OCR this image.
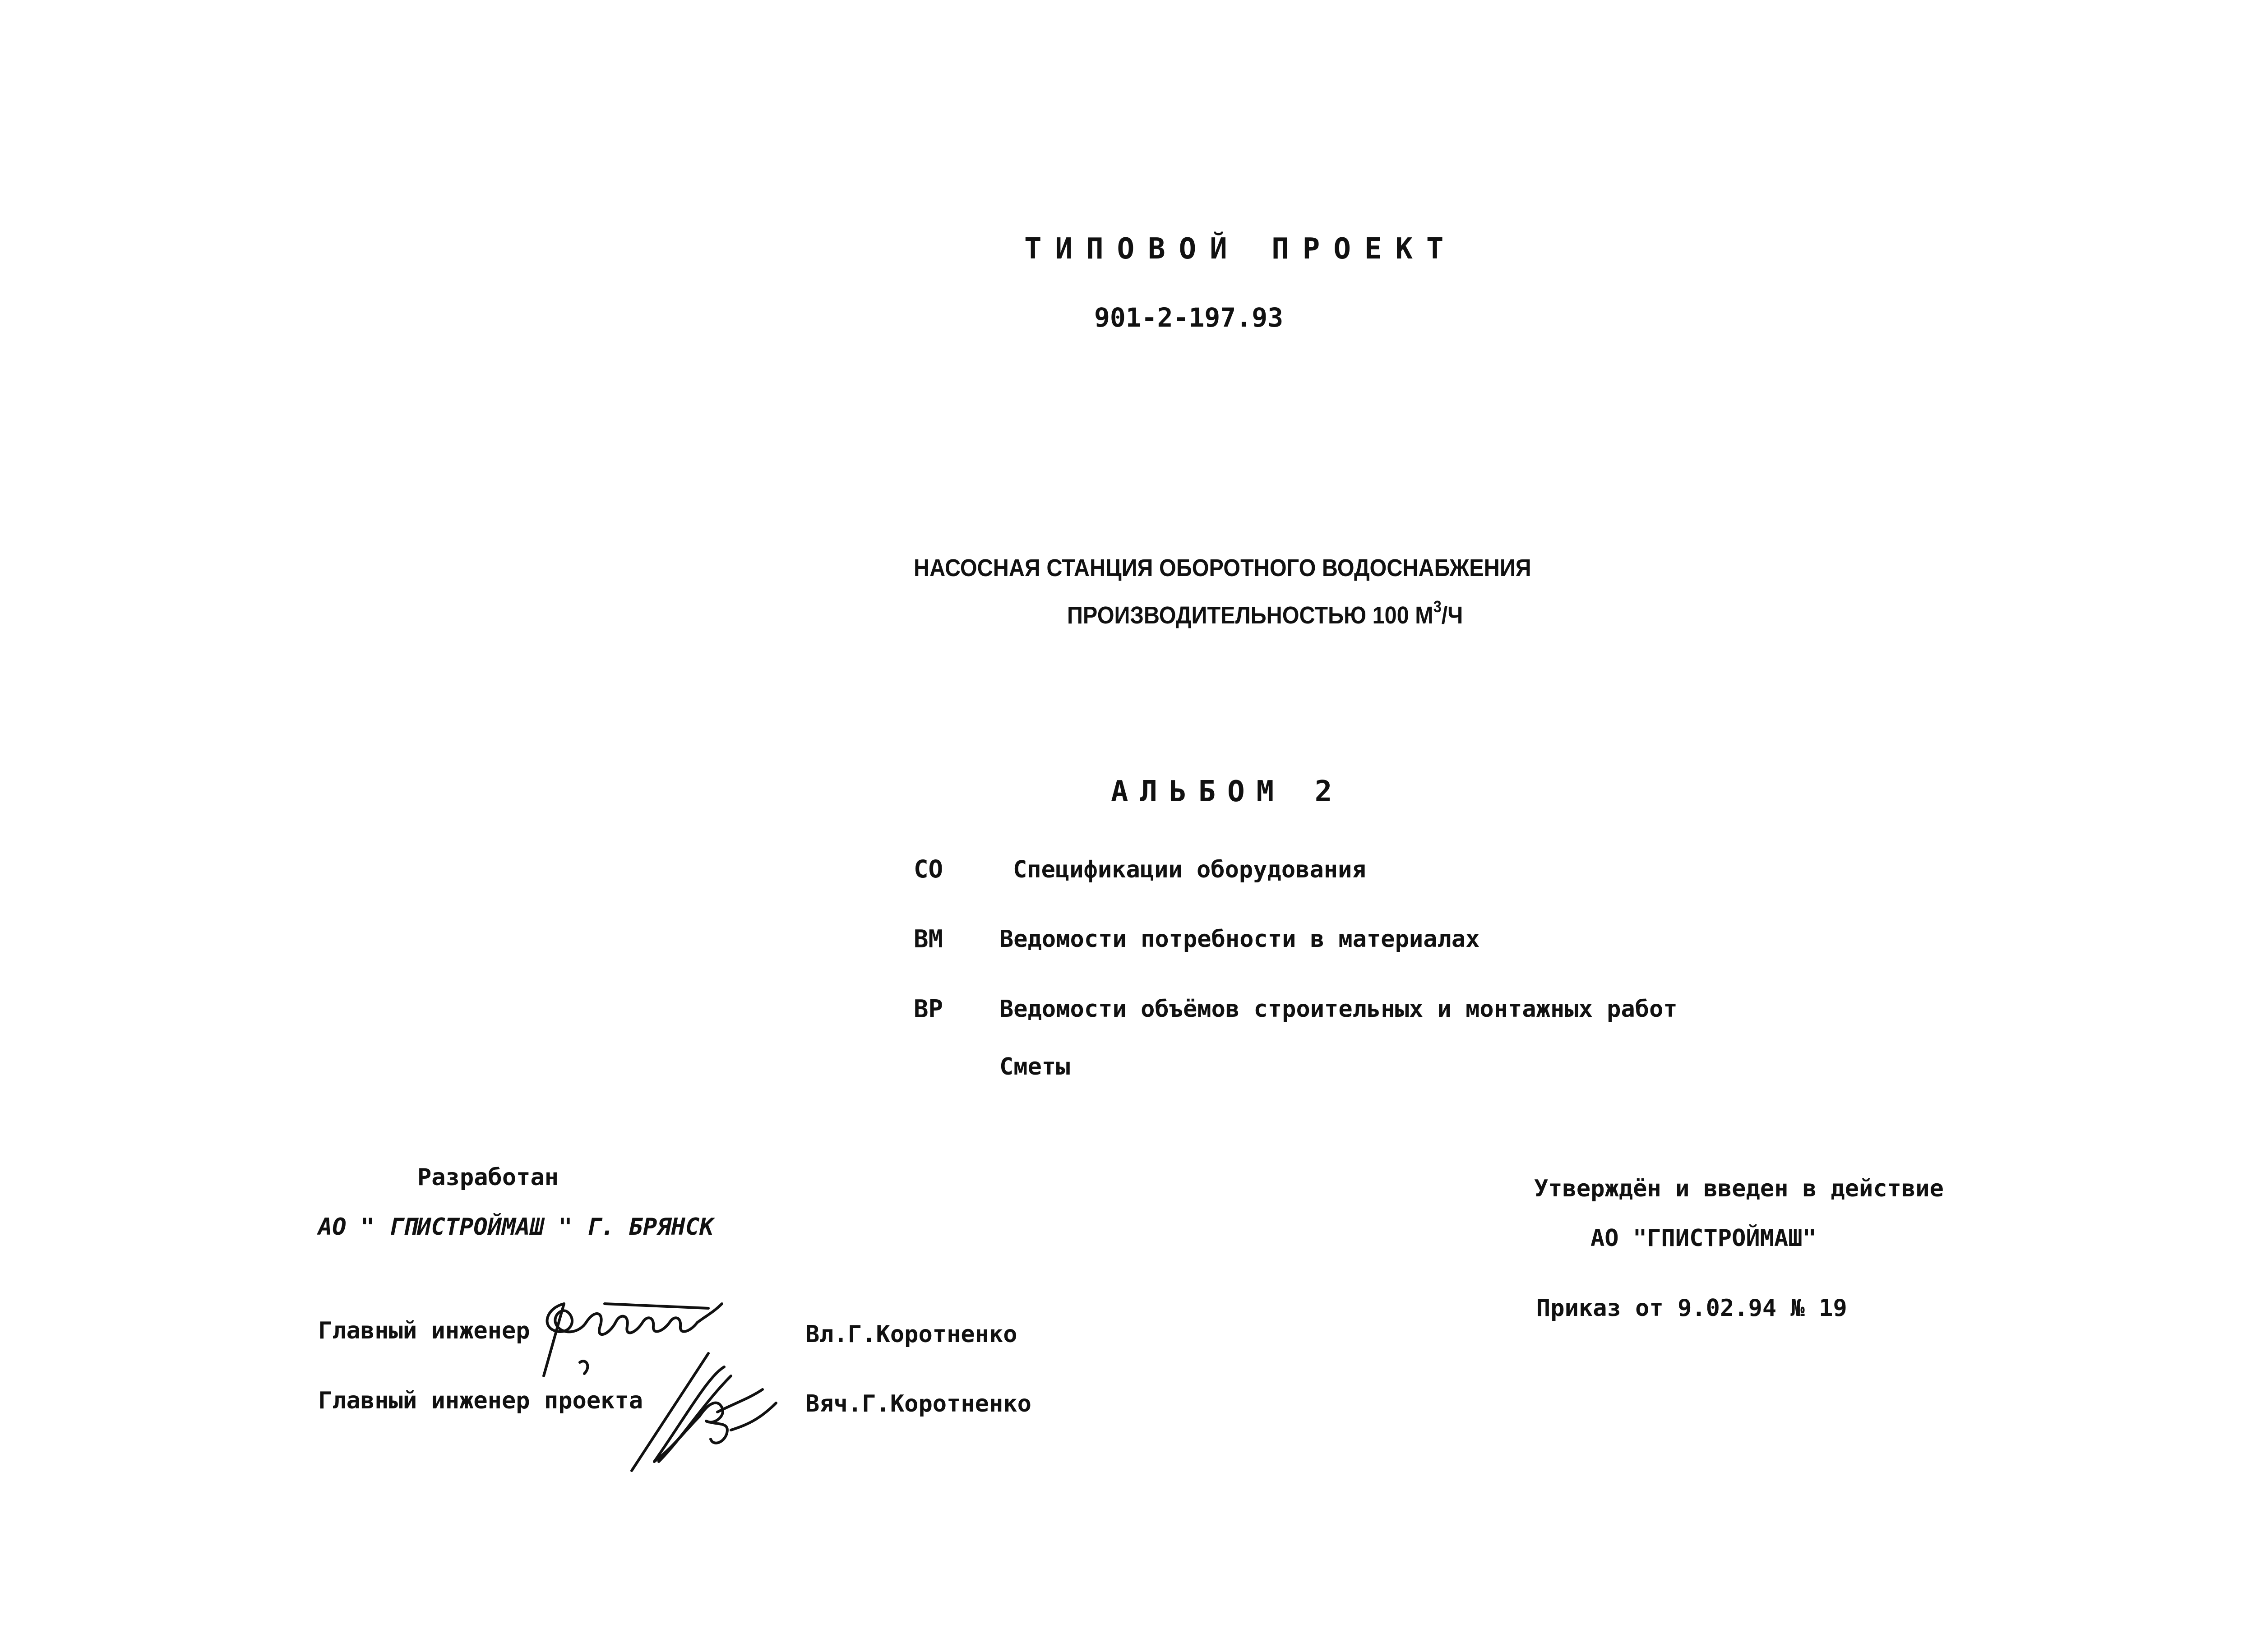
ТИПОВОЙ ПРОЕКТ
901-2-197.93
НАСОСНАЯ СТАНЦИЯ ОБОРОТНОГО ВОДОСНАБЖЕНИЯ
ПРОИЗВОДИТЕЛЬНОСТЬЮ 100 $М^3/Ч$
АЛЬБОМ 2
СО	Спецификации оборудования
ВМ Ведомости потребности в материалах
ВР Ведомости объёмов строительных и монтажных работ
Сметы
Разработан
АО " ГПИСТРОЙМАШ " Г. БРЯНСК
Главный инженер	Вл.Г.Коротненко
Главный инженер проекта	Вяч.Г.Коротненко
Утверждён и введен в действие
АО "ГПИСТРОЙМАШ"
Приказ от 9.02.94 № 19
